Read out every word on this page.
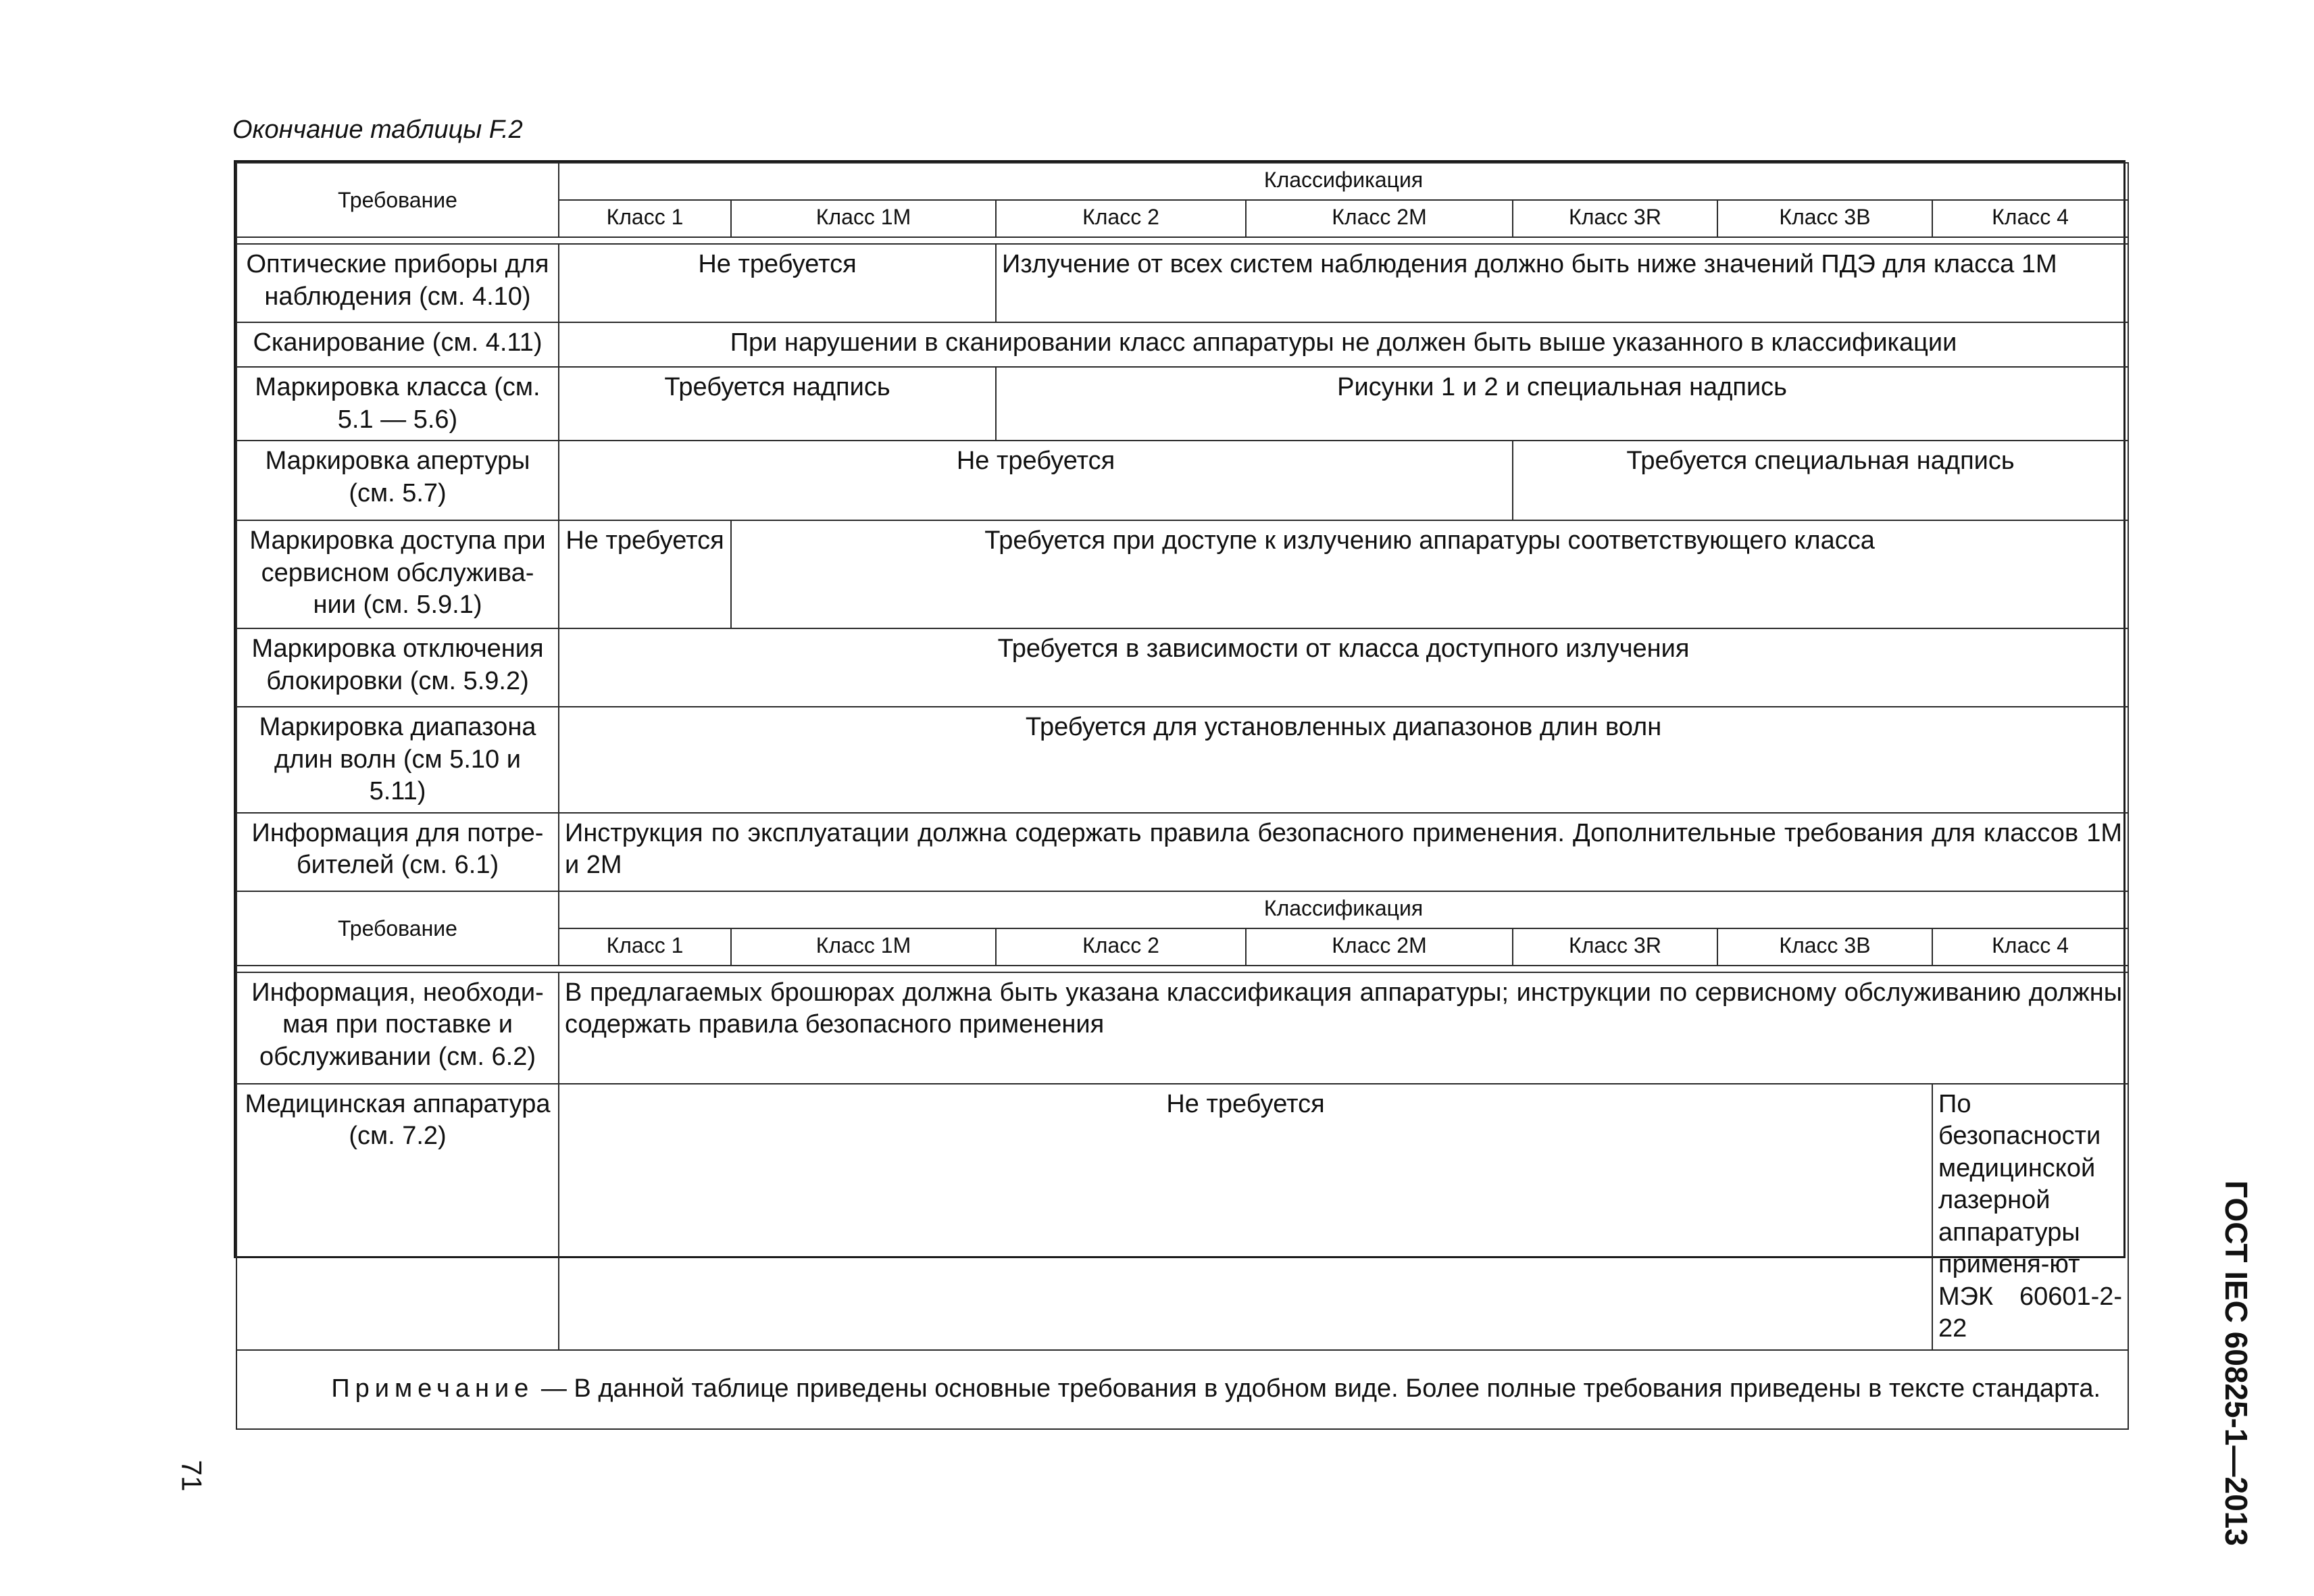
Окончание таблицы F.2
Требование	Классификация						
	Класс 1	Класс 1М	Класс 2	Класс 2М	Класс 3R	Класс 3В	Класс 4

Оптические приборы для наблюдения (см. 4.10)	Не требуется		Излучение от всех систем наблюдения должно быть ниже значений ПДЭ для класса 1М				
Сканирование (см. 4.11)	При нарушении в сканировании класс аппаратуры не должен быть выше указанного в классификации						
Маркировка класса (см. 5.1 — 5.6)	Требуется надпись		Рисунки 1 и 2 и специальная надпись				
Маркировка апертуры (см. 5.7)	Не требуется				Требуется специальная надпись		
Маркировка доступа при сервисном обслужива-нии (см. 5.9.1)	Не требуется	Требуется при доступе к излучению аппаратуры соответствующего класса					
Маркировка отключения блокировки (см. 5.9.2)	Требуется в зависимости от класса доступного излучения						
Маркировка диапазона длин волн (см 5.10 и 5.11)	Требуется для установленных диапазонов длин волн						
Информация для потре-бителей (см. 6.1)	Инструкция по эксплуатации должна содержать правила безопасного применения. Дополнительные требования для классов 1М и 2М						
Требование	Классификация						
	Класс 1	Класс 1М	Класс 2	Класс 2М	Класс 3R	Класс 3В	Класс 4

Информация, необходи-мая при поставке и обслуживании (см. 6.2)	В предлагаемых брошюрах должна быть указана классификация аппаратуры; инструкции по сервисному обслуживанию должны содержать правила безопасного применения						
Медицинская аппаратура (см. 7.2)	Не требуется						По безопасности медицинской лазерной аппаратуры применя-ют МЭК 60601-2-22
Примечание — В данной таблице приведены основные требования в удобном виде. Более полные требования приведены в тексте стандарта.							
71	ГОСТ IEC 60825-1—2013
